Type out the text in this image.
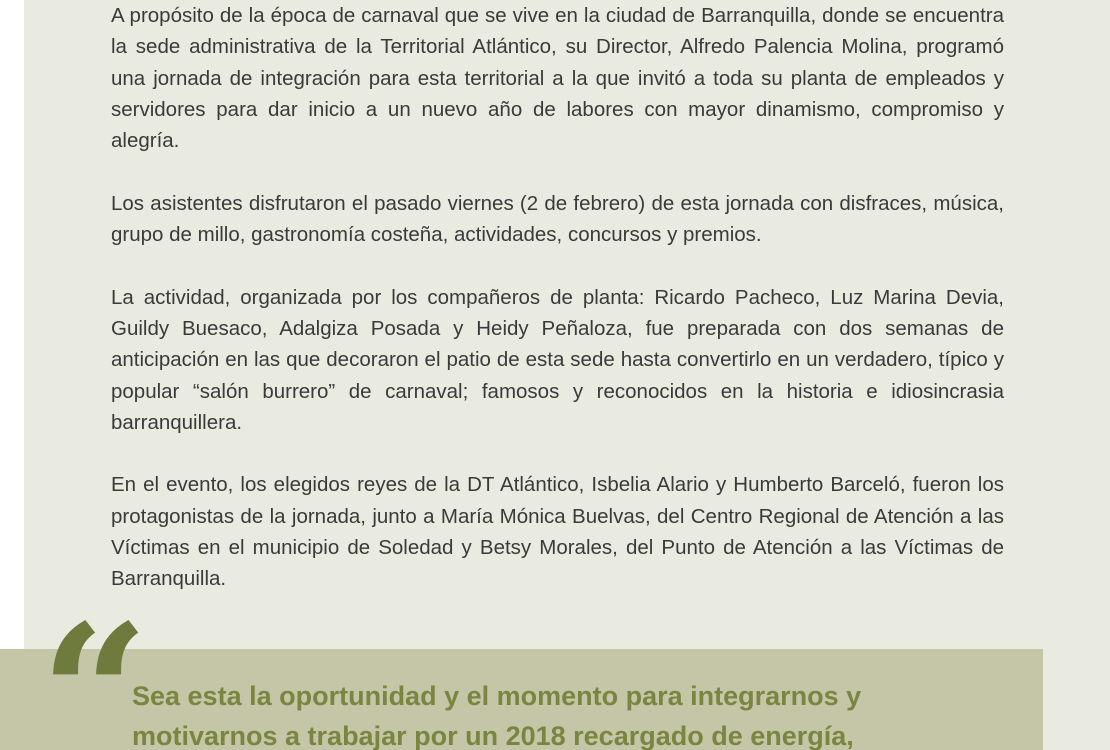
A propósito de la época de carnaval que se vive en la ciudad de Barranquilla, donde se encuentra la sede administrativa de la Territorial Atlántico, su Director, Alfredo Palencia Molina, programó una jornada de integración para esta territorial a la que invitó a toda su planta de empleados y servidores para dar inicio a un nuevo año de labores con mayor dinamismo, compromiso y alegría.

Los asistentes disfrutaron el pasado viernes (2 de febrero) de esta jornada con disfraces, música, grupo de millo, gastronomía costeña, actividades, concursos y premios.

La actividad, organizada por los compañeros de planta: Ricardo Pacheco, Luz Marina Devia, Guildy Buesaco, Adalgiza Posada y Heidy Peñaloza, fue preparada con dos semanas de anticipación en las que decoraron el patio de esta sede hasta convertirlo en un verdadero, típico y popular “salón burrero” de carnaval; famosos y reconocidos en la historia e idiosincrasia barranquillera.

En el evento, los elegidos reyes de la DT Atlántico, Isbelia Alario y Humberto Barceló, fueron los protagonistas de la jornada, junto a María Mónica Buelvas, del Centro Regional de Atención a las Víctimas en el municipio de Soledad y Betsy Morales, del Punto de Atención a las Víctimas de Barranquilla.

“
Sea esta la oportunidad y el momento para integrarnos y
motivarnos a trabajar por un 2018 recargado de energía,
